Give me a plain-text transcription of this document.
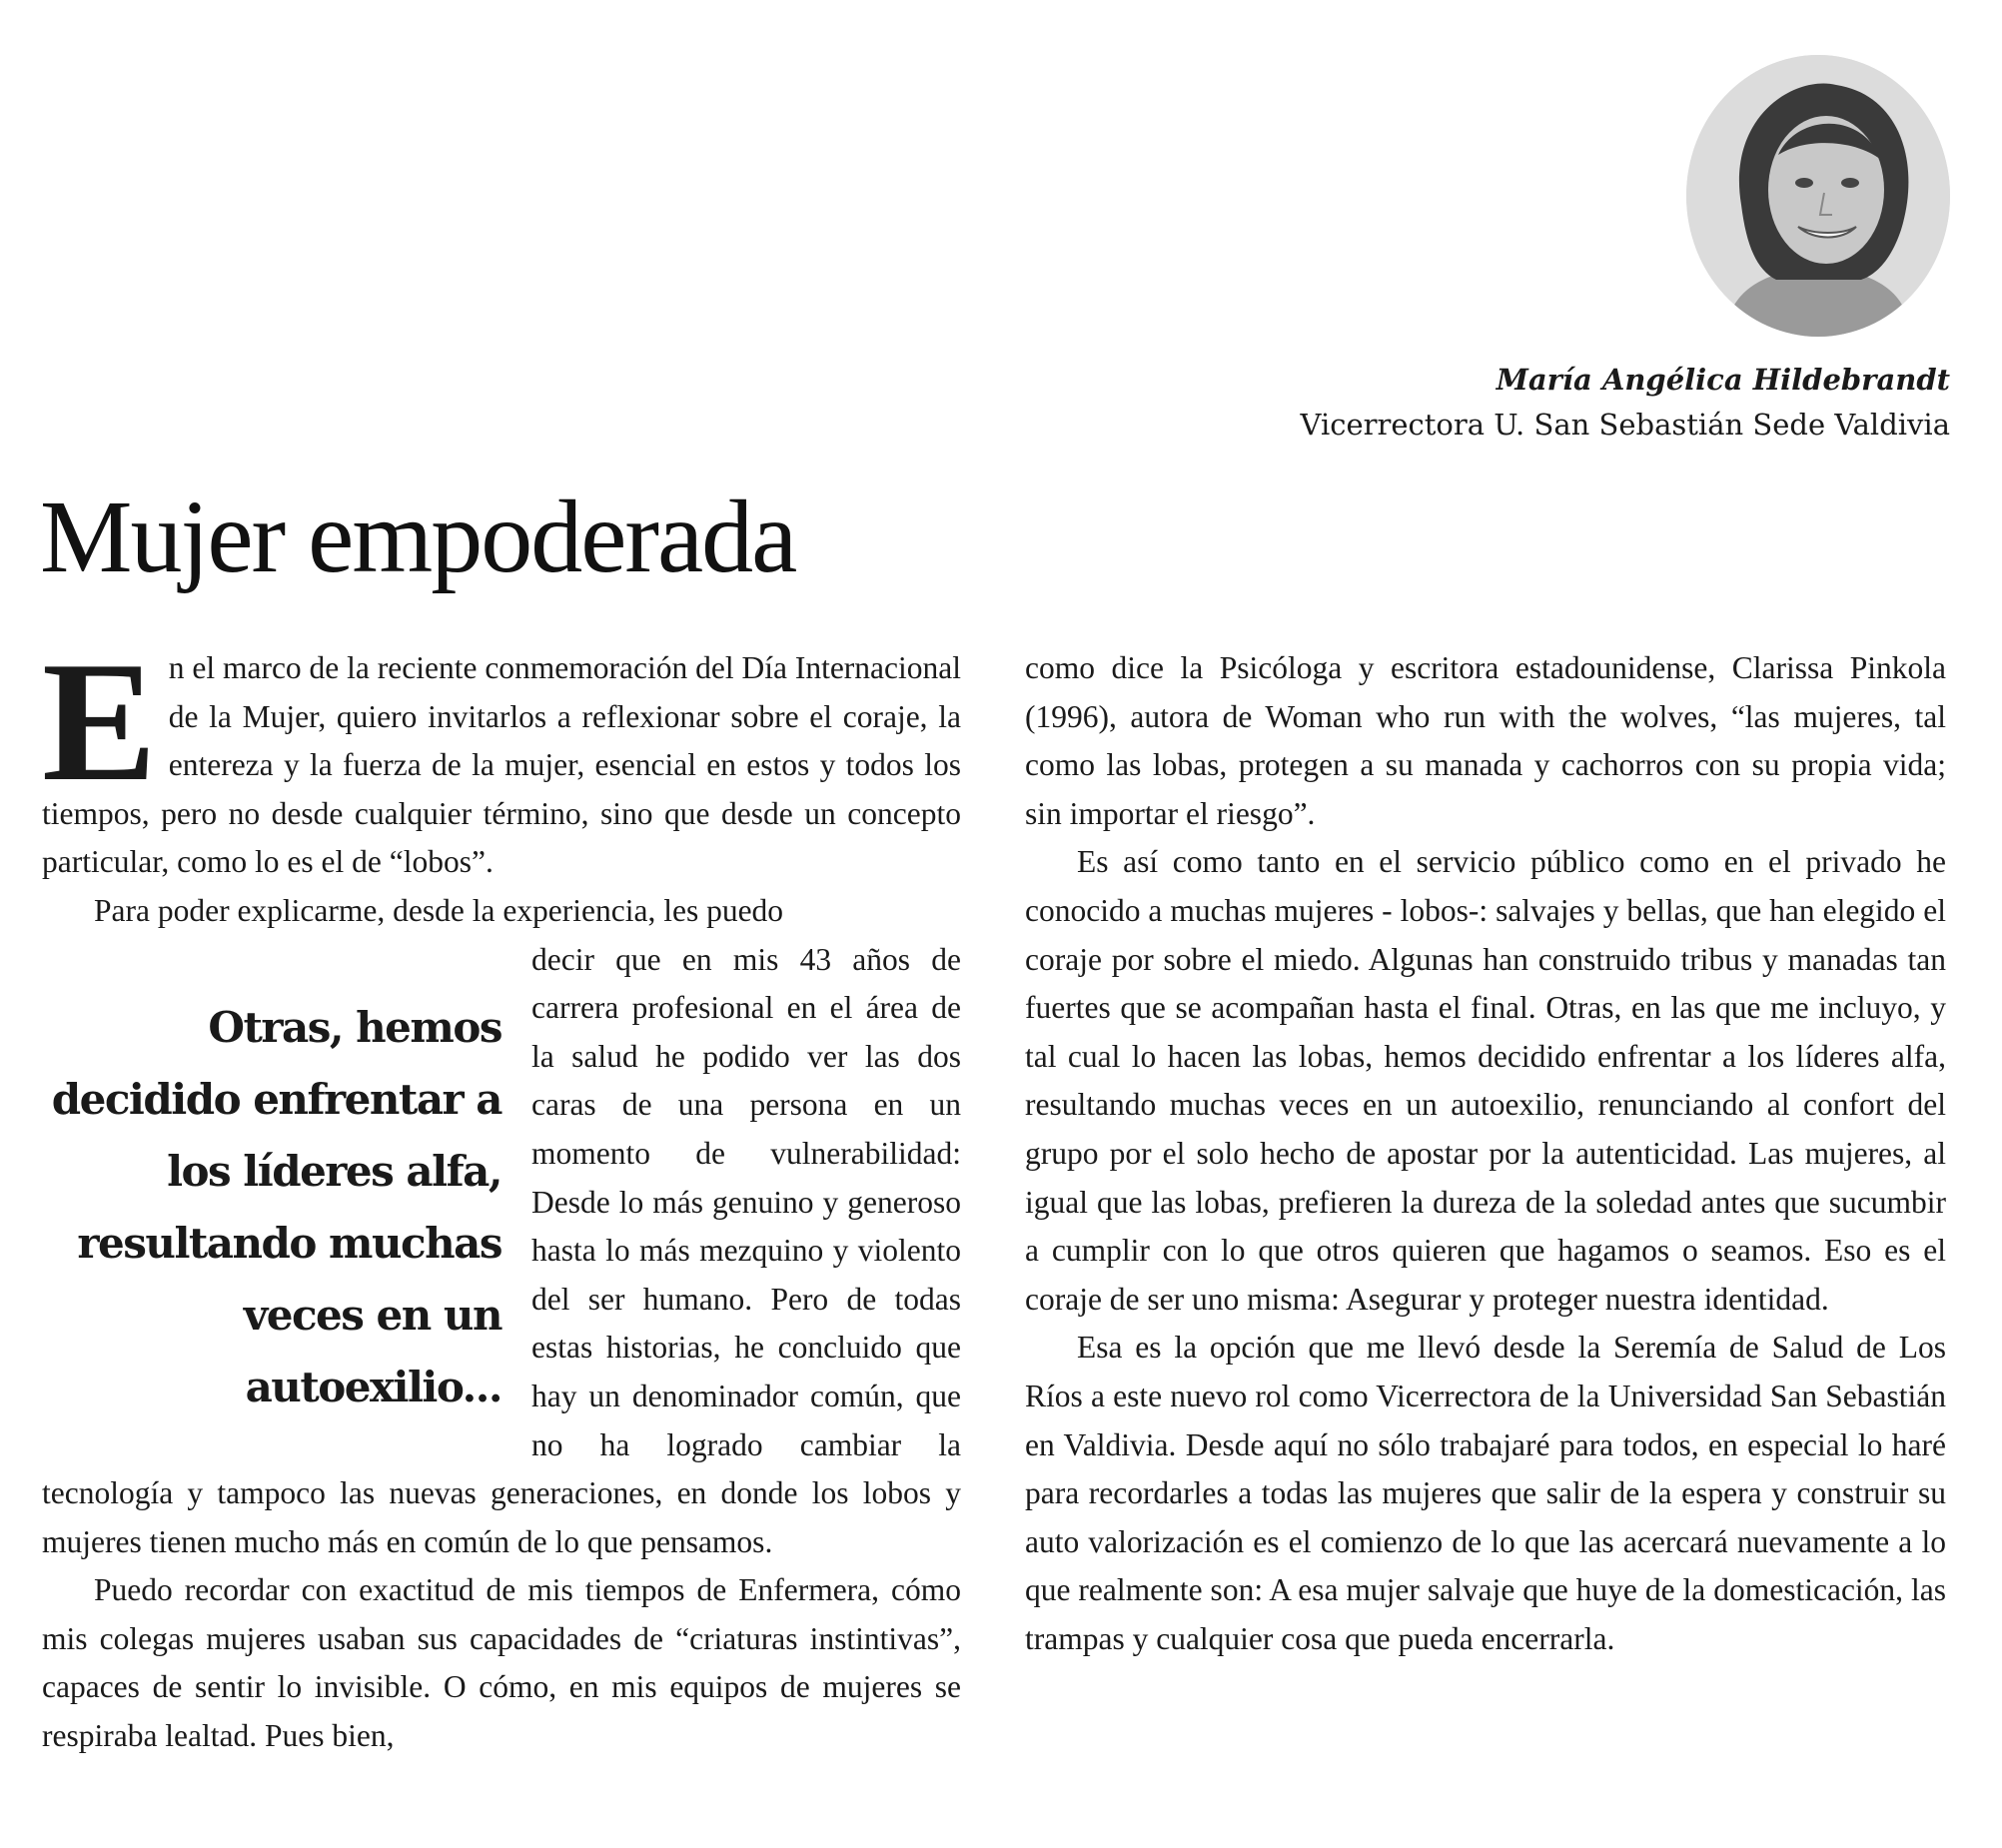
María Angélica Hildebrandt

Vicerrectora U. San Sebastián Sede Valdivia

Mujer empoderada

En el marco de la reciente conmemoración del Día Internacional de la Mujer, quiero invitarlos a reflexionar sobre el coraje, la entereza y la fuerza de la mujer, esencial en estos y todos los tiempos, pero no desde cualquier término, sino que desde un concepto particular, como lo es el de “lobos”.

Para poder explicarme, desde la experiencia, les puedo

Otras, hemos decidido enfrentar a los líderes alfa, resultando muchas veces en un autoexilio...
decir que en mis 43 años de carrera profesional en el área de la salud he podido ver las dos caras de una persona en un momento de vulnerabilidad: Desde lo más genuino y generoso hasta lo más mezquino y violento del ser humano. Pero de todas estas historias, he concluido que hay un denominador común, que no ha logrado cambiar la tecnología y tampoco las nuevas generaciones, en donde los lobos y mujeres tienen mucho más en común de lo que pensamos.

Puedo recordar con exactitud de mis tiempos de Enfermera, cómo mis colegas mujeres usaban sus capacidades de “criaturas instintivas”, capaces de sentir lo invisible. O cómo, en mis equipos de mujeres se respiraba lealtad. Pues bien,

como dice la Psicóloga y escritora estadounidense, Clarissa Pinkola (1996), autora de Woman who run with the wolves, “las mujeres, tal como las lobas, protegen a su manada y cachorros con su propia vida; sin importar el riesgo”.

Es así como tanto en el servicio público como en el privado he conocido a muchas mujeres - lobos-: salvajes y bellas, que han elegido el coraje por sobre el miedo. Algunas han construido tribus y manadas tan fuertes que se acompañan hasta el final. Otras, en las que me incluyo, y tal cual lo hacen las lobas, hemos decidido enfrentar a los líderes alfa, resultando muchas veces en un autoexilio, renunciando al confort del grupo por el solo hecho de apostar por la autenticidad. Las mujeres, al igual que las lobas, prefieren la dureza de la soledad antes que sucumbir a cumplir con lo que otros quieren que hagamos o seamos. Eso es el coraje de ser uno misma: Asegurar y proteger nuestra identidad.

Esa es la opción que me llevó desde la Seremía de Salud de Los Ríos a este nuevo rol como Vicerrectora de la Universidad San Sebastián en Valdivia. Desde aquí no sólo trabajaré para todos, en especial lo haré para recordarles a todas las mujeres que salir de la espera y construir su auto valorización es el comienzo de lo que las acercará nuevamente a lo que realmente son: A esa mujer salvaje que huye de la domesticación, las trampas y cualquier cosa que pueda encerrarla.
